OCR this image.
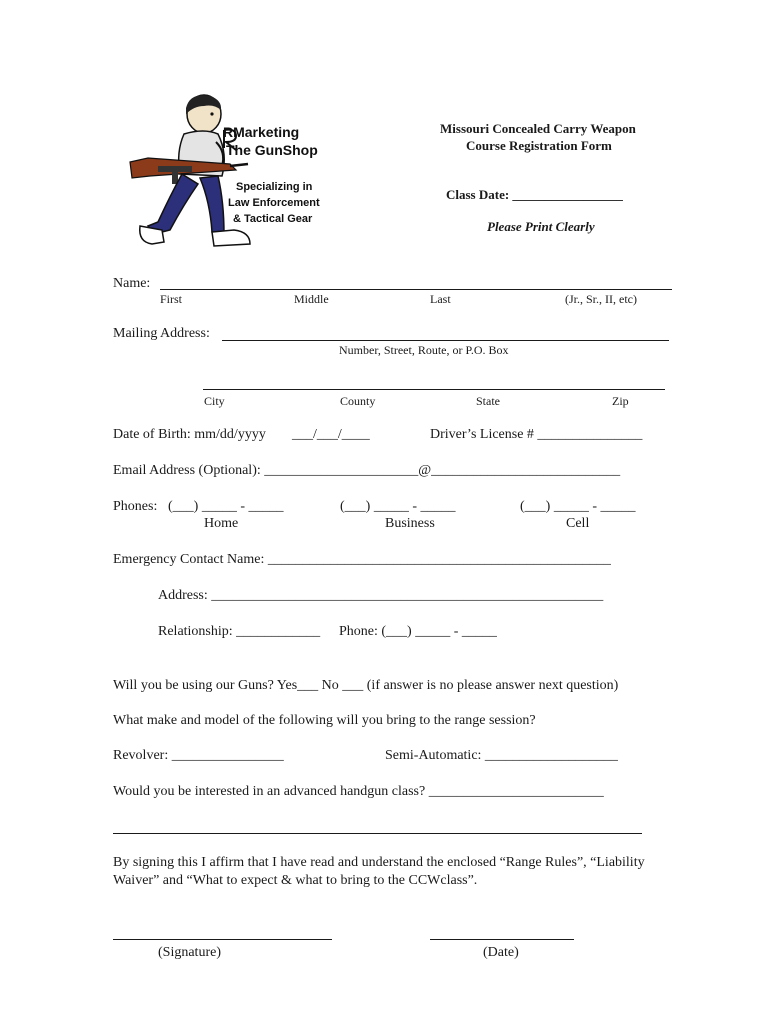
RMarketing
The GunShop
Specializing in
Law Enforcement
& Tactical Gear
Missouri Concealed Carry Weapon
Course Registration Form
Class Date: _________________
Please Print Clearly
Name:
First	Middle	Last	(Jr., Sr., II, etc)
Mailing Address:
Number, Street, Route, or P.O. Box
City	County	State	Zip
Date of Birth: mm/dd/yyyy ___/___/____	Driver’s License # _______________
Email Address (Optional): ______________________@___________________________
Phones: (___) _____ - _____	(___) _____ - _____	(___) _____ - _____
Home	Business	Cell
Emergency Contact Name: _________________________________________________
Address: ________________________________________________________
Relationship: ____________ Phone: (___) _____ - _____
Will you be using our Guns? Yes___ No ___ (if answer is no please answer next question)
What make and model of the following will you bring to the range session?
Revolver: ________________	Semi-Automatic: ___________________
Would you be interested in an advanced handgun class? _________________________
By signing this I affirm that I have read and understand the enclosed “Range Rules”, “Liability
Waiver” and “What to expect & what to bring to the CCWclass”.
(Signature)	(Date)
